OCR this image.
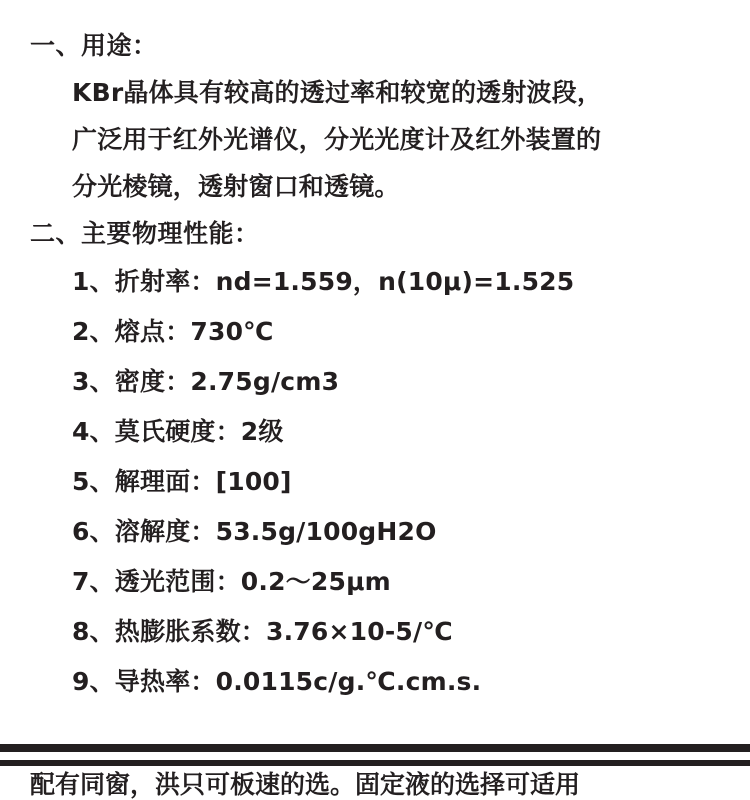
一、用途：
KBr晶体具有较高的透过率和较宽的透射波段，
广泛用于红外光谱仪，分光光度计及红外装置的
分光棱镜，透射窗口和透镜。
二、主要物理性能：
1、折射率：nd=1.559，n(10μ)=1.525
2、熔点：730℃
3、密度：2.75g/cm3
4、莫氏硬度：2级
5、解理面：[100]
6、溶解度：53.5g/100gH2O
7、透光范围：0.2～25μm
8、热膨胀系数：3.76×10-5/℃
9、导热率：0.0115c/g.℃.cm.s.
配有同窗，洪只可板速的选。固定液的选择可适用
